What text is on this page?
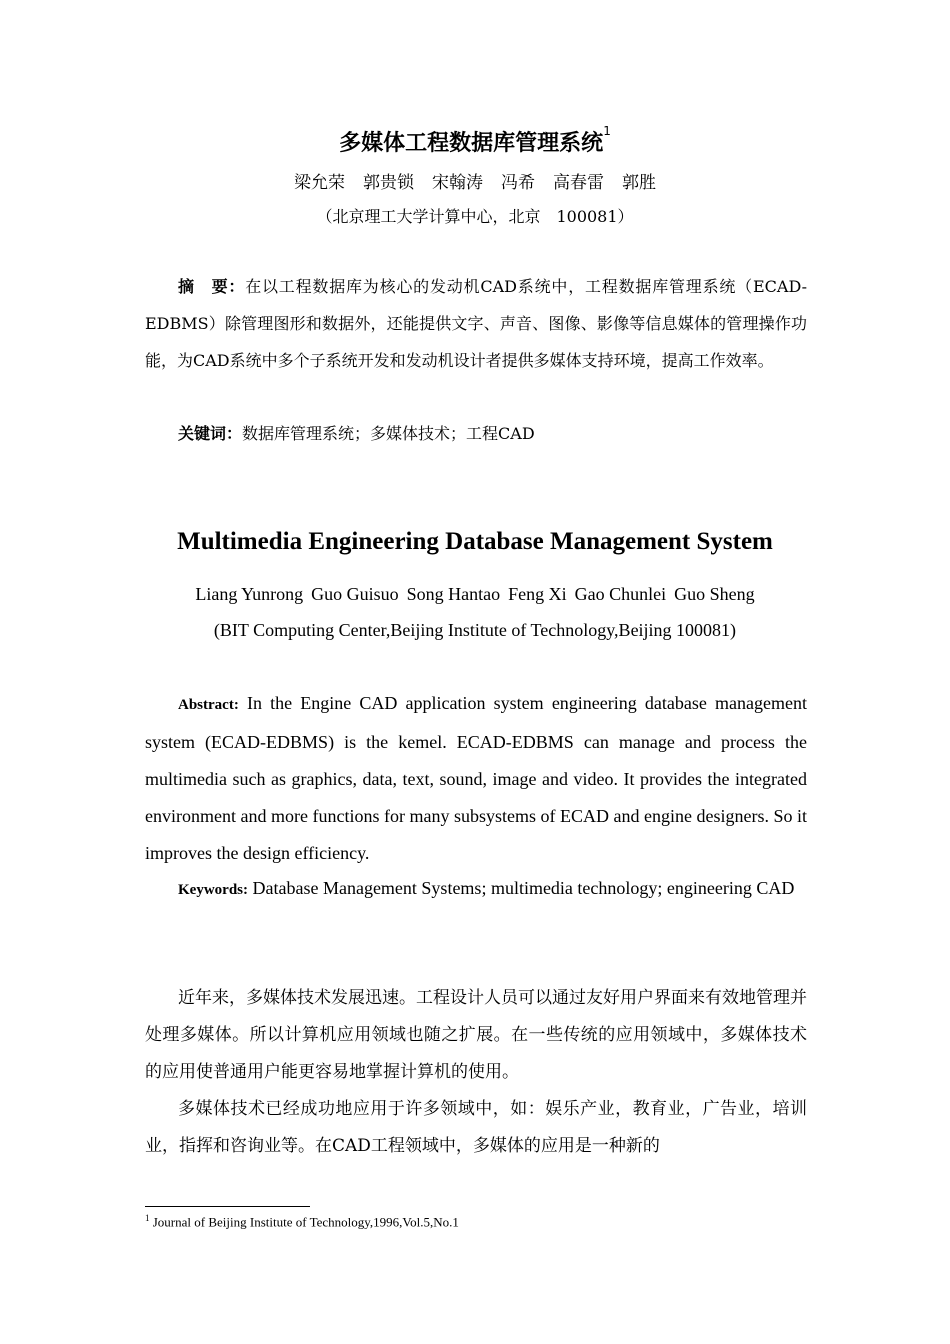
多媒体工程数据库管理系统$^1$
梁允荣 郭贵锁 宋翰涛 冯希 高春雷 郭胜
（北京理工大学计算中心，北京　100081）
摘　要：在以工程数据库为核心的发动机CAD系统中，工程数据库管理系统（ECAD-EDBMS）除管理图形和数据外，还能提供文字、声音、图像、影像等信息媒体的管理操作功能，为CAD系统中多个子系统开发和发动机设计者提供多媒体支持环境，提高工作效率。
关键词：数据库管理系统；多媒体技术；工程CAD
Multimedia Engineering Database Management System
Liang Yunrong Guo Guisuo Song Hantao Feng Xi Gao Chunlei Guo Sheng
(BIT Computing Center,Beijing Institute of Technology,Beijing 100081)
Abstract: In the Engine CAD application system engineering database management system (ECAD-EDBMS) is the kemel. ECAD-EDBMS can manage and process the multimedia such as graphics, data, text, sound, image and video. It provides the integrated environment and more functions for many subsystems of ECAD and engine designers. So it improves the design efficiency.
Keywords: Database Management Systems; multimedia technology; engineering CAD
近年来，多媒体技术发展迅速。工程设计人员可以通过友好用户界面来有效地管理并处理多媒体。所以计算机应用领域也随之扩展。在一些传统的应用领域中，多媒体技术的应用使普通用户能更容易地掌握计算机的使用。
多媒体技术已经成功地应用于许多领域中，如：娱乐产业，教育业，广告业，培训业，指挥和咨询业等。在CAD工程领域中，多媒体的应用是一种新的
$^1$ Journal of Beijing Institute of Technology,1996,Vol.5,No.1
